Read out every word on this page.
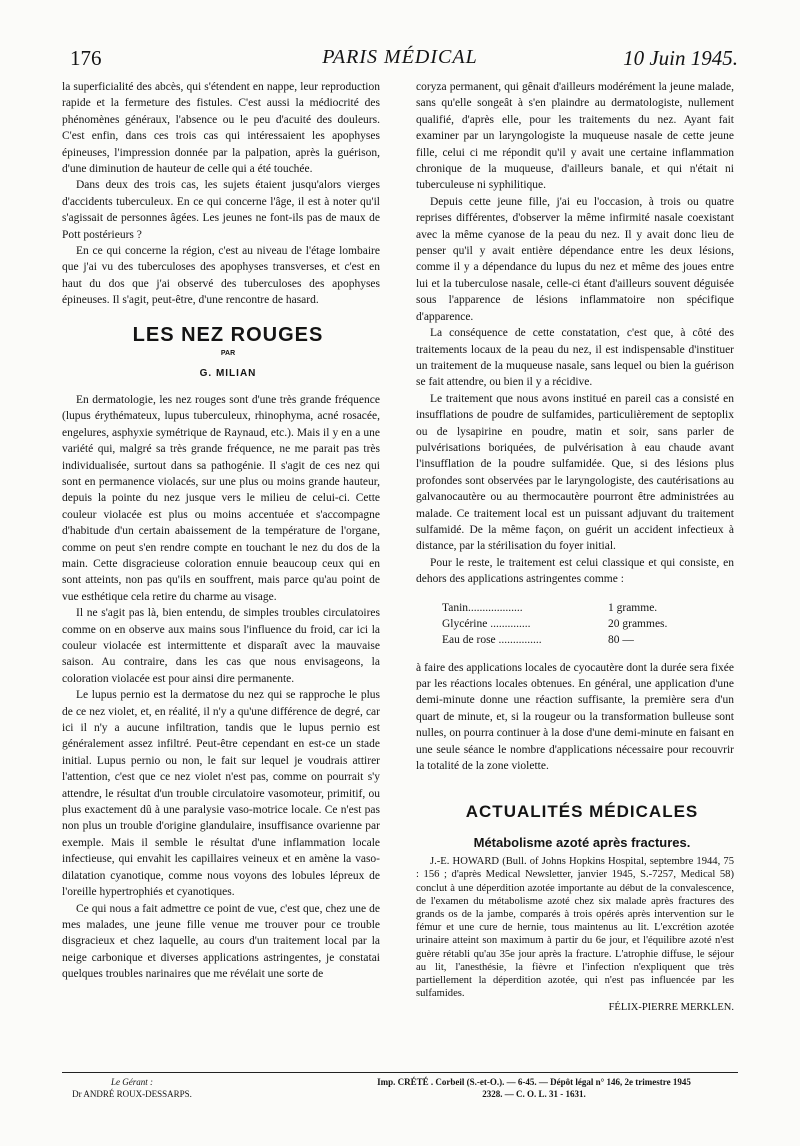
176	PARIS MÉDICAL	10 Juin 1945.

la superficialité des abcès, qui s'étendent en nappe, leur reproduction rapide et la fermeture des fistules. C'est aussi la médiocrité des phénomènes généraux, l'absence ou le peu d'acuité des douleurs. C'est enfin, dans ces trois cas qui intéressaient les apophyses épineuses, l'impression donnée par la palpation, après la guérison, d'une diminution de hauteur de celle qui a été touchée.

Dans deux des trois cas, les sujets étaient jusqu'alors vierges d'accidents tuberculeux. En ce qui concerne l'âge, il est à noter qu'il s'agissait de personnes âgées. Les jeunes ne font-ils pas de maux de Pott postérieurs ?

En ce qui concerne la région, c'est au niveau de l'étage lombaire que j'ai vu des tuberculoses des apophyses transverses, et c'est en haut du dos que j'ai observé des tuberculoses des apophyses épineuses. Il s'agit, peut-être, d'une rencontre de hasard.

LES NEZ ROUGES

PAR

G. MILIAN

En dermatologie, les nez rouges sont d'une très grande fréquence (lupus érythémateux, lupus tuberculeux, rhinophyma, acné rosacée, engelures, asphyxie symétrique de Raynaud, etc.). Mais il y en a une variété qui, malgré sa très grande fréquence, ne me parait pas très individualisée, surtout dans sa pathogénie. Il s'agit de ces nez qui sont en permanence violacés, sur une plus ou moins grande hauteur, depuis la pointe du nez jusque vers le milieu de celui-ci. Cette couleur violacée est plus ou moins accentuée et s'accompagne d'habitude d'un certain abaissement de la température de l'organe, comme on peut s'en rendre compte en touchant le nez du dos de la main. Cette disgracieuse coloration ennuie beaucoup ceux qui en sont atteints, non pas qu'ils en souffrent, mais parce qu'au point de vue esthétique cela retire du charme au visage.

Il ne s'agit pas là, bien entendu, de simples troubles circulatoires comme on en observe aux mains sous l'influence du froid, car ici la couleur violacée est intermittente et disparaît avec la mauvaise saison. Au contraire, dans les cas que nous envisageons, la coloration violacée est pour ainsi dire permanente.

Le lupus pernio est la dermatose du nez qui se rapproche le plus de ce nez violet, et, en réalité, il n'y a qu'une différence de degré, car ici il n'y a aucune infiltration, tandis que le lupus pernio est généralement assez infiltré. Peut-être cependant en est-ce un stade initial. Lupus pernio ou non, le fait sur lequel je voudrais attirer l'attention, c'est que ce nez violet n'est pas, comme on pourrait s'y attendre, le résultat d'un trouble circulatoire vasomoteur, primitif, ou plus exactement dû à une paralysie vaso-motrice locale. Ce n'est pas non plus un trouble d'origine glandulaire, insuffisance ovarienne par exemple. Mais il semble le résultat d'une inflammation locale infectieuse, qui envahit les capillaires veineux et en amène la vaso-dilatation cyanotique, comme nous voyons des lobules lépreux de l'oreille hypertrophiés et cyanotiques.

Ce qui nous a fait admettre ce point de vue, c'est que, chez une de mes malades, une jeune fille venue me trouver pour ce trouble disgracieux et chez laquelle, au cours d'un traitement local par la neige carbonique et diverses applications astringentes, je constatai quelques troubles narinaires que me révélait une sorte de

coryza permanent, qui gênait d'ailleurs modérément la jeune malade, sans qu'elle songeât à s'en plaindre au dermatologiste, nullement qualifié, d'après elle, pour les traitements du nez. Ayant fait examiner par un laryngologiste la muqueuse nasale de cette jeune fille, celui ci me répondit qu'il y avait une certaine inflammation chronique de la muqueuse, d'ailleurs banale, et qui n'était ni tuberculeuse ni syphilitique.

Depuis cette jeune fille, j'ai eu l'occasion, à trois ou quatre reprises différentes, d'observer la même infirmité nasale coexistant avec la même cyanose de la peau du nez. Il y avait donc lieu de penser qu'il y avait entière dépendance entre les deux lésions, comme il y a dépendance du lupus du nez et même des joues entre lui et la tuberculose nasale, celle-ci étant d'ailleurs souvent déguisée sous l'apparence de lésions inflammatoire non spécifique d'apparence.

La conséquence de cette constatation, c'est que, à côté des traitements locaux de la peau du nez, il est indispensable d'instituer un traitement de la muqueuse nasale, sans lequel ou bien la guérison se fait attendre, ou bien il y a récidive.

Le traitement que nous avons institué en pareil cas a consisté en insufflations de poudre de sulfamides, particulièrement de septoplix ou de lysapirine en poudre, matin et soir, sans parler de pulvérisations boriquées, de pulvérisation à eau chaude avant l'insufflation de la poudre sulfamidée. Que, si des lésions plus profondes sont observées par le laryngologiste, des cautérisations au galvanocautère ou au thermocautère pourront être administrées au malade. Ce traitement local est un puissant adjuvant du traitement sulfamidé. De la même façon, on guérit un accident infectieux à distance, par la stérilisation du foyer initial.

Pour le reste, le traitement est celui classique et qui consiste, en dehors des applications astringentes comme :

Tanin...................	1 gramme.
Glycérine ..............	20 grammes.
Eau de rose ...............	80 —

à faire des applications locales de cyocautère dont la durée sera fixée par les réactions locales obtenues. En général, une application d'une demi-minute donne une réaction suffisante, la première sera d'un quart de minute, et, si la rougeur ou la transformation bulleuse sont nulles, on pourra continuer à la dose d'une demi-minute en faisant en une seule séance le nombre d'applications nécessaire pour recouvrir la totalité de la zone violette.

ACTUALITÉS MÉDICALES

Métabolisme azoté après fractures.

J.-E. HOWARD (Bull. of Johns Hopkins Hospital, septembre 1944, 75 : 156 ; d'après Medical Newsletter, janvier 1945, S.-7257, Medical 58) conclut à une déperdition azotée importante au début de la convalescence, de l'examen du métabolisme azoté chez six malade après fractures des grands os de la jambe, comparés à trois opérés après intervention sur le fémur et une cure de hernie, tous maintenus au lit. L'excrétion azotée urinaire atteint son maximum à partir du 6e jour, et l'équilibre azoté n'est guère rétabli qu'au 35e jour après la fracture. L'atrophie diffuse, le séjour au lit, l'anesthésie, la fièvre et l'infection n'expliquent que très partiellement la déperdition azotée, qui n'est pas influencée par les sulfamides.

FÉLIX-PIERRE MERKLEN.

Le Gérant :
Dr ANDRÉ ROUX-DESSARPS.
Imp. CRÉTÉ . Corbeil (S.-et-O.). — 6-45. — Dépôt légal n° 146, 2e trimestre 1945
2328. — C. O. L. 31 - 1631.
